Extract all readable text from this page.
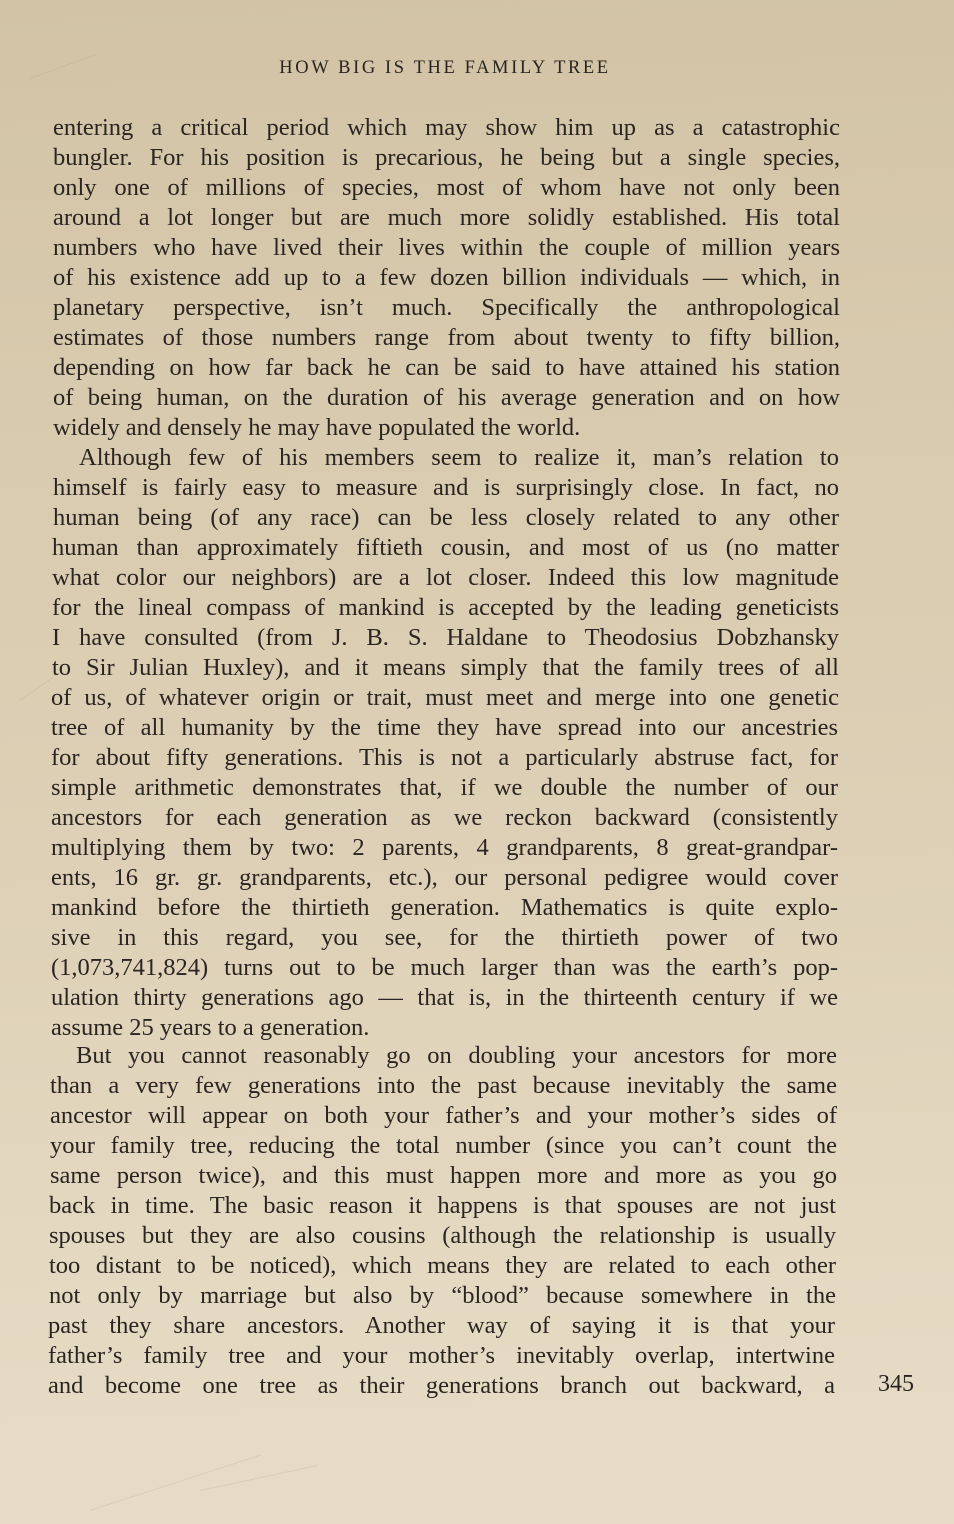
HOW BIG IS THE FAMILY TREE
entering a critical period which may show him up as a catastrophic
bungler. For his position is precarious, he being but a single species,
only one of millions of species, most of whom have not only been
around a lot longer but are much more solidly established. His total
numbers who have lived their lives within the couple of million years
of his existence add up to a few dozen billion individuals — which, in
planetary perspective, isn’t much. Specifically the anthropological
estimates of those numbers range from about twenty to fifty billion,
depending on how far back he can be said to have attained his station
of being human, on the duration of his average generation and on how
widely and densely he may have populated the world.
Although few of his members seem to realize it, man’s relation to
himself is fairly easy to measure and is surprisingly close. In fact, no
human being (of any race) can be less closely related to any other
human than approximately fiftieth cousin, and most of us (no matter
what color our neighbors) are a lot closer. Indeed this low magnitude
for the lineal compass of mankind is accepted by the leading geneticists
I have consulted (from J. B. S. Haldane to Theodosius Dobzhansky
to Sir Julian Huxley), and it means simply that the family trees of all
of us, of whatever origin or trait, must meet and merge into one genetic
tree of all humanity by the time they have spread into our ancestries
for about fifty generations. This is not a particularly abstruse fact, for
simple arithmetic demonstrates that, if we double the number of our
ancestors for each generation as we reckon backward (consistently
multiplying them by two: 2 parents, 4 grandparents, 8 great-grandpar-
ents, 16 gr. gr. grandparents, etc.), our personal pedigree would cover
mankind before the thirtieth generation. Mathematics is quite explo-
sive in this regard, you see, for the thirtieth power of two
(1,073,741,824) turns out to be much larger than was the earth’s pop-
ulation thirty generations ago — that is, in the thirteenth century if we
assume 25 years to a generation.
But you cannot reasonably go on doubling your ancestors for more
than a very few generations into the past because inevitably the same
ancestor will appear on both your father’s and your mother’s sides of
your family tree, reducing the total number (since you can’t count the
same person twice), and this must happen more and more as you go
back in time. The basic reason it happens is that spouses are not just
spouses but they are also cousins (although the relationship is usually
too distant to be noticed), which means they are related to each other
not only by marriage but also by “blood” because somewhere in the
past they share ancestors. Another way of saying it is that your
father’s family tree and your mother’s inevitably overlap, intertwine
and become one tree as their generations branch out backward, a 345
